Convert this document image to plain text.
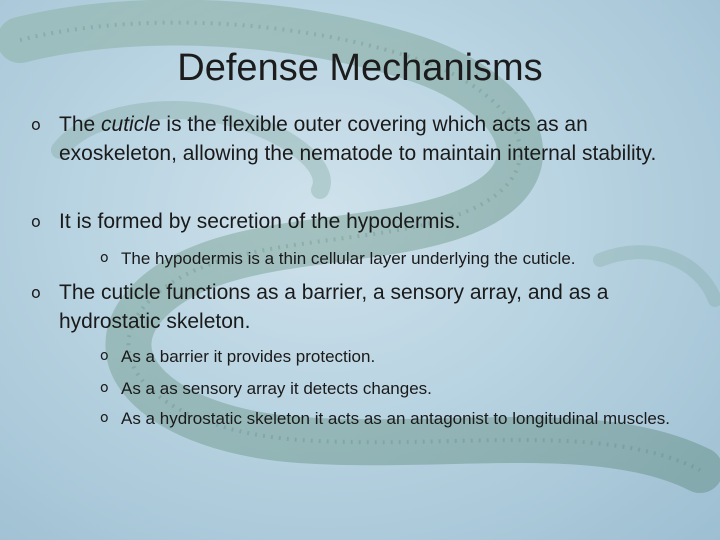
Defense Mechanisms
o The cuticle is the flexible outer covering which acts as an exoskeleton, allowing the nematode to maintain internal stability.
o It is formed by secretion of the hypodermis.
o The hypodermis is a thin cellular layer underlying the cuticle.
o The cuticle functions as a barrier, a sensory array, and as a hydrostatic skeleton.
o As a barrier it provides protection.
o As a as sensory array it detects changes.
o As a hydrostatic skeleton it acts as an antagonist to longitudinal muscles.
